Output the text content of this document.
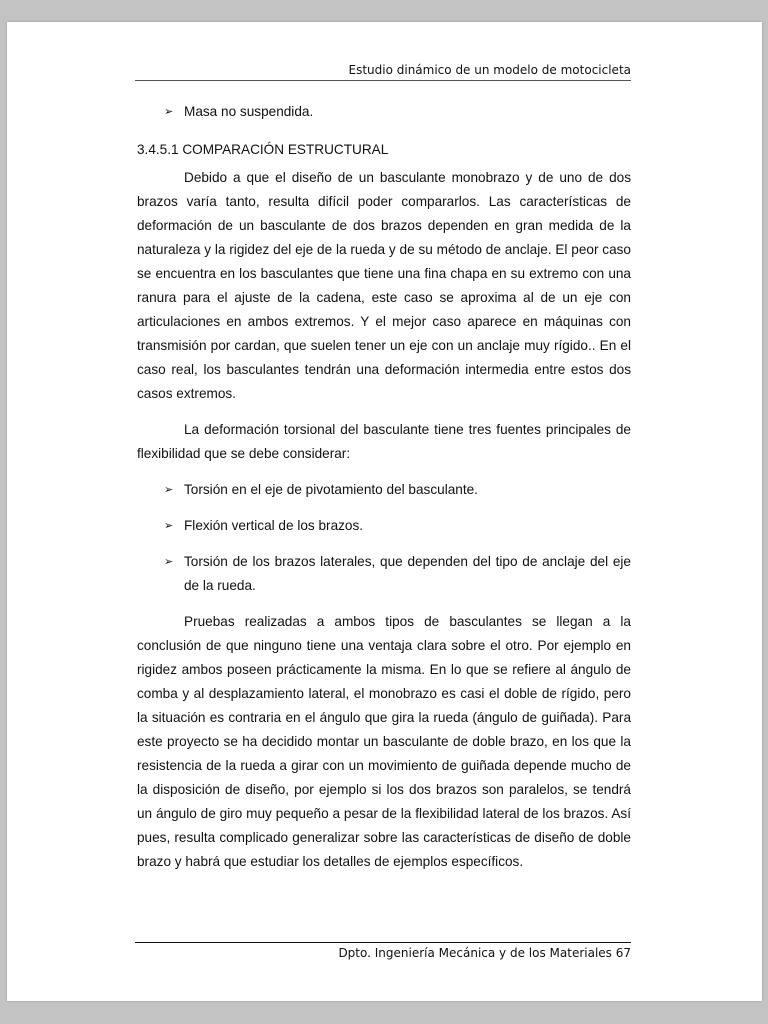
Estudio dinámico de un modelo de motocicleta
➢ Masa no suspendida.

3.4.5.1 COMPARACIÓN ESTRUCTURAL

Debido a que el diseño de un basculante monobrazo y de uno de dos brazos varía tanto, resulta difícil poder compararlos. Las características de deformación de un basculante de dos brazos dependen en gran medida de la naturaleza y la rigidez del eje de la rueda y de su método de anclaje. El peor caso se encuentra en los basculantes que tiene una fina chapa en su extremo con una ranura para el ajuste de la cadena, este caso se aproxima al de un eje con articulaciones en ambos extremos. Y el mejor caso aparece en máquinas con transmisión por cardan, que suelen tener un eje con un anclaje muy rígido.. En el caso real, los basculantes tendrán una deformación intermedia entre estos dos casos extremos.

La deformación torsional del basculante tiene tres fuentes principales de flexibilidad que se debe considerar:

➢ Torsión en el eje de pivotamiento del basculante.
➢ Flexión vertical de los brazos.
➢ Torsión de los brazos laterales, que dependen del tipo de anclaje del eje de la rueda.

Pruebas realizadas a ambos tipos de basculantes se llegan a la conclusión de que ninguno tiene una ventaja clara sobre el otro. Por ejemplo en rigidez ambos poseen prácticamente la misma. En lo que se refiere al ángulo de comba y al desplazamiento lateral, el monobrazo es casi el doble de rígido, pero la situación es contraria en el ángulo que gira la rueda (ángulo de guiñada). Para este proyecto se ha decidido montar un basculante de doble brazo, en los que la resistencia de la rueda a girar con un movimiento de guiñada depende mucho de la disposición de diseño, por ejemplo si los dos brazos son paralelos, se tendrá un ángulo de giro muy pequeño a pesar de la flexibilidad lateral de los brazos. Así pues, resulta complicado generalizar sobre las características de diseño de doble brazo y habrá que estudiar los detalles de ejemplos específicos.

Dpto. Ingeniería Mecánica y de los Materiales 67
